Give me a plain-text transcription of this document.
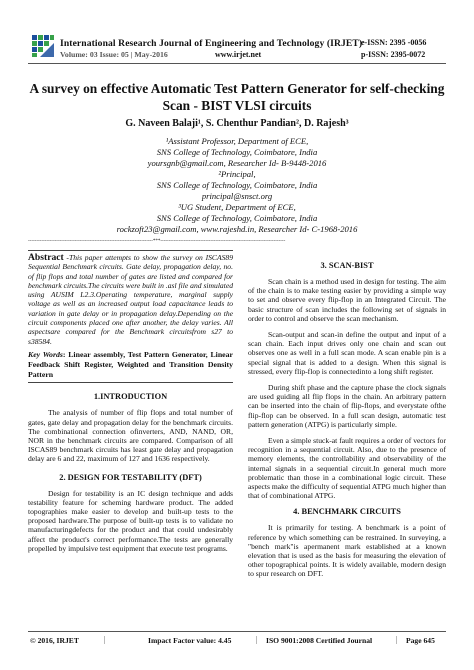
International Research Journal of Engineering and Technology (IRJET)
e-ISSN: 2395 -0056
Volume: 03 Issue: 05 | May-2016	www.irjet.net	p-ISSN: 2395-0072
A survey on effective Automatic Test Pattern Generator for self-checking Scan - BIST VLSI circuits
G. Naveen Balaji¹, S. Chenthur Pandian², D. Rajesh³
¹Assistant Professor, Department of ECE,
SNS College of Technology, Coimbatore, India
yoursgnb@gmail.com, Researcher Id- B-9448-2016
²Principal,
SNS College of Technology, Coimbatore, India
principal@snsct.org
³UG Student, Department of ECE,
SNS College of Technology, Coimbatore, India
rockzoft23@gmail.com, www.rajeshd.in, Researcher Id- C-1968-2016
---------------------------------------------------------------------------***---------------------------------------------------------------------------
Abstract -This paper attempts to show the survey on ISCAS89 Sequential Benchmark circuits. Gate delay, propagation delay, no. of flip flops and total number of gates are listed and compared for benchmark circuits.The circuits were built in .asl file and simulated using AUSIM L2.3.Operating temperature, marginal supply voltage as well as an increased output load capacitance leads to variation in gate delay or in propagation delay.Depending on the circuit components placed one after another, the delay varies. All aspectsare compared for the Benchmark circuitsfrom s27 to s38584.
Key Words: Linear assembly, Test Pattern Generator, Linear Feedback Shift Register, Weighted and Transition Density Pattern
1.INTRODUCTION

The analysis of number of flip flops and total number of gates, gate delay and propagation delay for the benchmark circuits. The combinational connection ofinverters, AND, NAND, OR, NOR in the benchmark circuits are compared. Comparison of all ISCAS89 benchmark circuits has least gate delay and propagation delay are 6 and 22, maximum of 127 and 1636 respectively.

2. DESIGN FOR TESTABILITY (DFT)

Design for testability is an IC design technique and adds testability feature for scheming hardware product. The added topographies make easier to develop and built-up tests to the proposed hardware.The purpose of built-up tests is to validate no manufacturingdefects for the product and that could undesirably affect the product's correct performance.The tests are generally propelled by impulsive test equipment that execute test programs.

3. SCAN-BIST

Scan chain is a method used in design for testing. The aim of the chain is to make testing easier by providing a simple way to set and observe every flip-flop in an Integrated Circuit. The basic structure of scan includes the following set of signals in order to control and observe the scan mechanism.

Scan-output and scan-in define the output and input of a scan chain. Each input drives only one chain and scan out observes one as well in a full scan mode. A scan enable pin is a special signal that is added to a design. When this signal is stressed, every flip-flop is connectedinto a long shift register.

During shift phase and the capture phase the clock signals are used guiding all flip flops in the chain. An arbitrary pattern can be inserted into the chain of flip-flops, and everystate ofthe flip-flop can be observed. In a full scan design, automatic test pattern generation (ATPG) is particularly simple.

Even a simple stuck-at fault requires a order of vectors for recognition in a sequential circuit. Also, due to the presence of memory elements, the controllability and observability of the internal signals in a sequential circuit.In general much more problematic than those in a combinational logic circuit. These aspects make the difficulty of sequential ATPG much higher than that of combinational ATPG.

4. BENCHMARK CIRCUITS

It is primarily for testing. A benchmark is a point of reference by which something can be restrained. In surveying, a "bench mark"is apermanent mark established at a known elevation that is used as the basis for measuring the elevation of other topographical points. It is widely available, modern design to spur research on DFT.

© 2016, IRJET	|	Impact Factor value: 4.45	| ISO 9001:2008 Certified Journal	| Page 645
